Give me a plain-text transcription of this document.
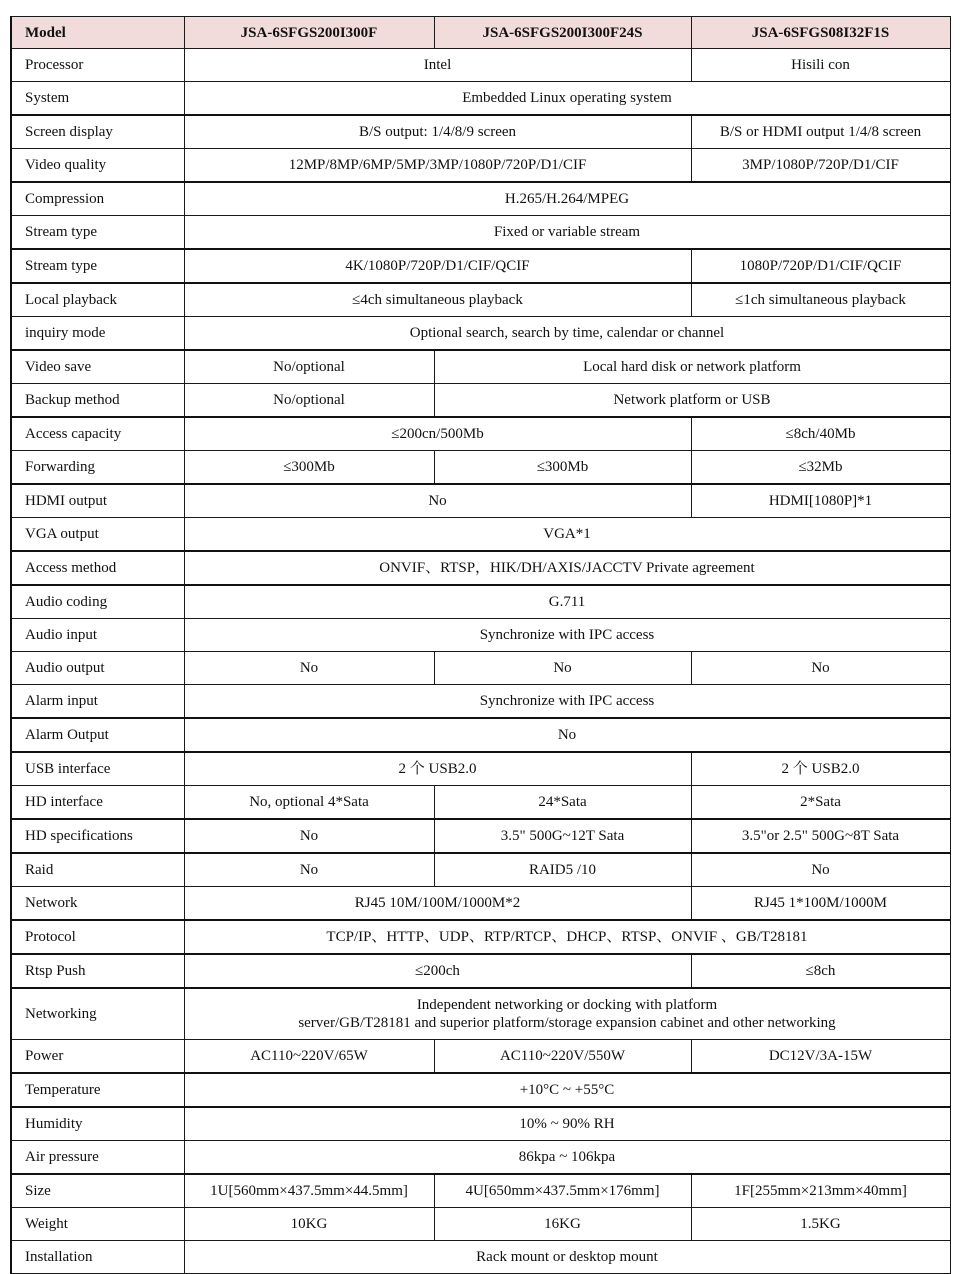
Model	JSA-6SFGS200I300F	JSA-6SFGS200I300F24S	JSA-6SFGS08I32F1S
Processor	Intel		Hisili con
System	Embedded Linux operating system		
Screen display	B/S output: 1/4/8/9 screen		B/S or HDMI output 1/4/8 screen
Video quality	12MP/8MP/6MP/5MP/3MP/1080P/720P/D1/CIF		3MP/1080P/720P/D1/CIF
Compression	H.265/H.264/MPEG		
Stream type	Fixed or variable stream		
Stream type	4K/1080P/720P/D1/CIF/QCIF		1080P/720P/D1/CIF/QCIF
Local playback	≤4ch simultaneous playback		≤1ch simultaneous playback
inquiry mode	Optional search, search by time, calendar or channel		
Video save	No/optional	Local hard disk or network platform	
Backup method	No/optional	Network platform or USB	
Access capacity	≤200cn/500Mb		≤8ch/40Mb
Forwarding	≤300Mb	≤300Mb	≤32Mb
HDMI output	No		HDMI[1080P]*1
VGA output	VGA*1		
Access method	ONVIF、RTSP，HIK/DH/AXIS/JACCTV Private agreement		
Audio coding	G.711		
Audio input	Synchronize with IPC access		
Audio output	No	No	No
Alarm input	Synchronize with IPC access		
Alarm Output	No		
USB interface	2 个 USB2.0		2 个 USB2.0
HD interface	No, optional 4*Sata	24*Sata	2*Sata
HD specifications	No	3.5" 500G~12T Sata	3.5"or 2.5" 500G~8T Sata
Raid	No	RAID5 /10	No
Network	RJ45 10M/100M/1000M*2		RJ45 1*100M/1000M
Protocol	TCP/IP、HTTP、UDP、RTP/RTCP、DHCP、RTSP、ONVIF 、GB/T28181		
Rtsp Push	≤200ch		≤8ch
Networking	Independent networking or docking with platform
server/GB/T28181 and superior platform/storage expansion cabinet and other networking		

Power	AC110~220V/65W	AC110~220V/550W	DC12V/3A-15W
Temperature	+10°C ~ +55°C		
Humidity	10% ~ 90% RH		
Air pressure	86kpa ~ 106kpa		
Size	1U[560mm×437.5mm×44.5mm]	4U[650mm×437.5mm×176mm]	1F[255mm×213mm×40mm]
Weight	10KG	16KG	1.5KG
Installation	Rack mount or desktop mount		
